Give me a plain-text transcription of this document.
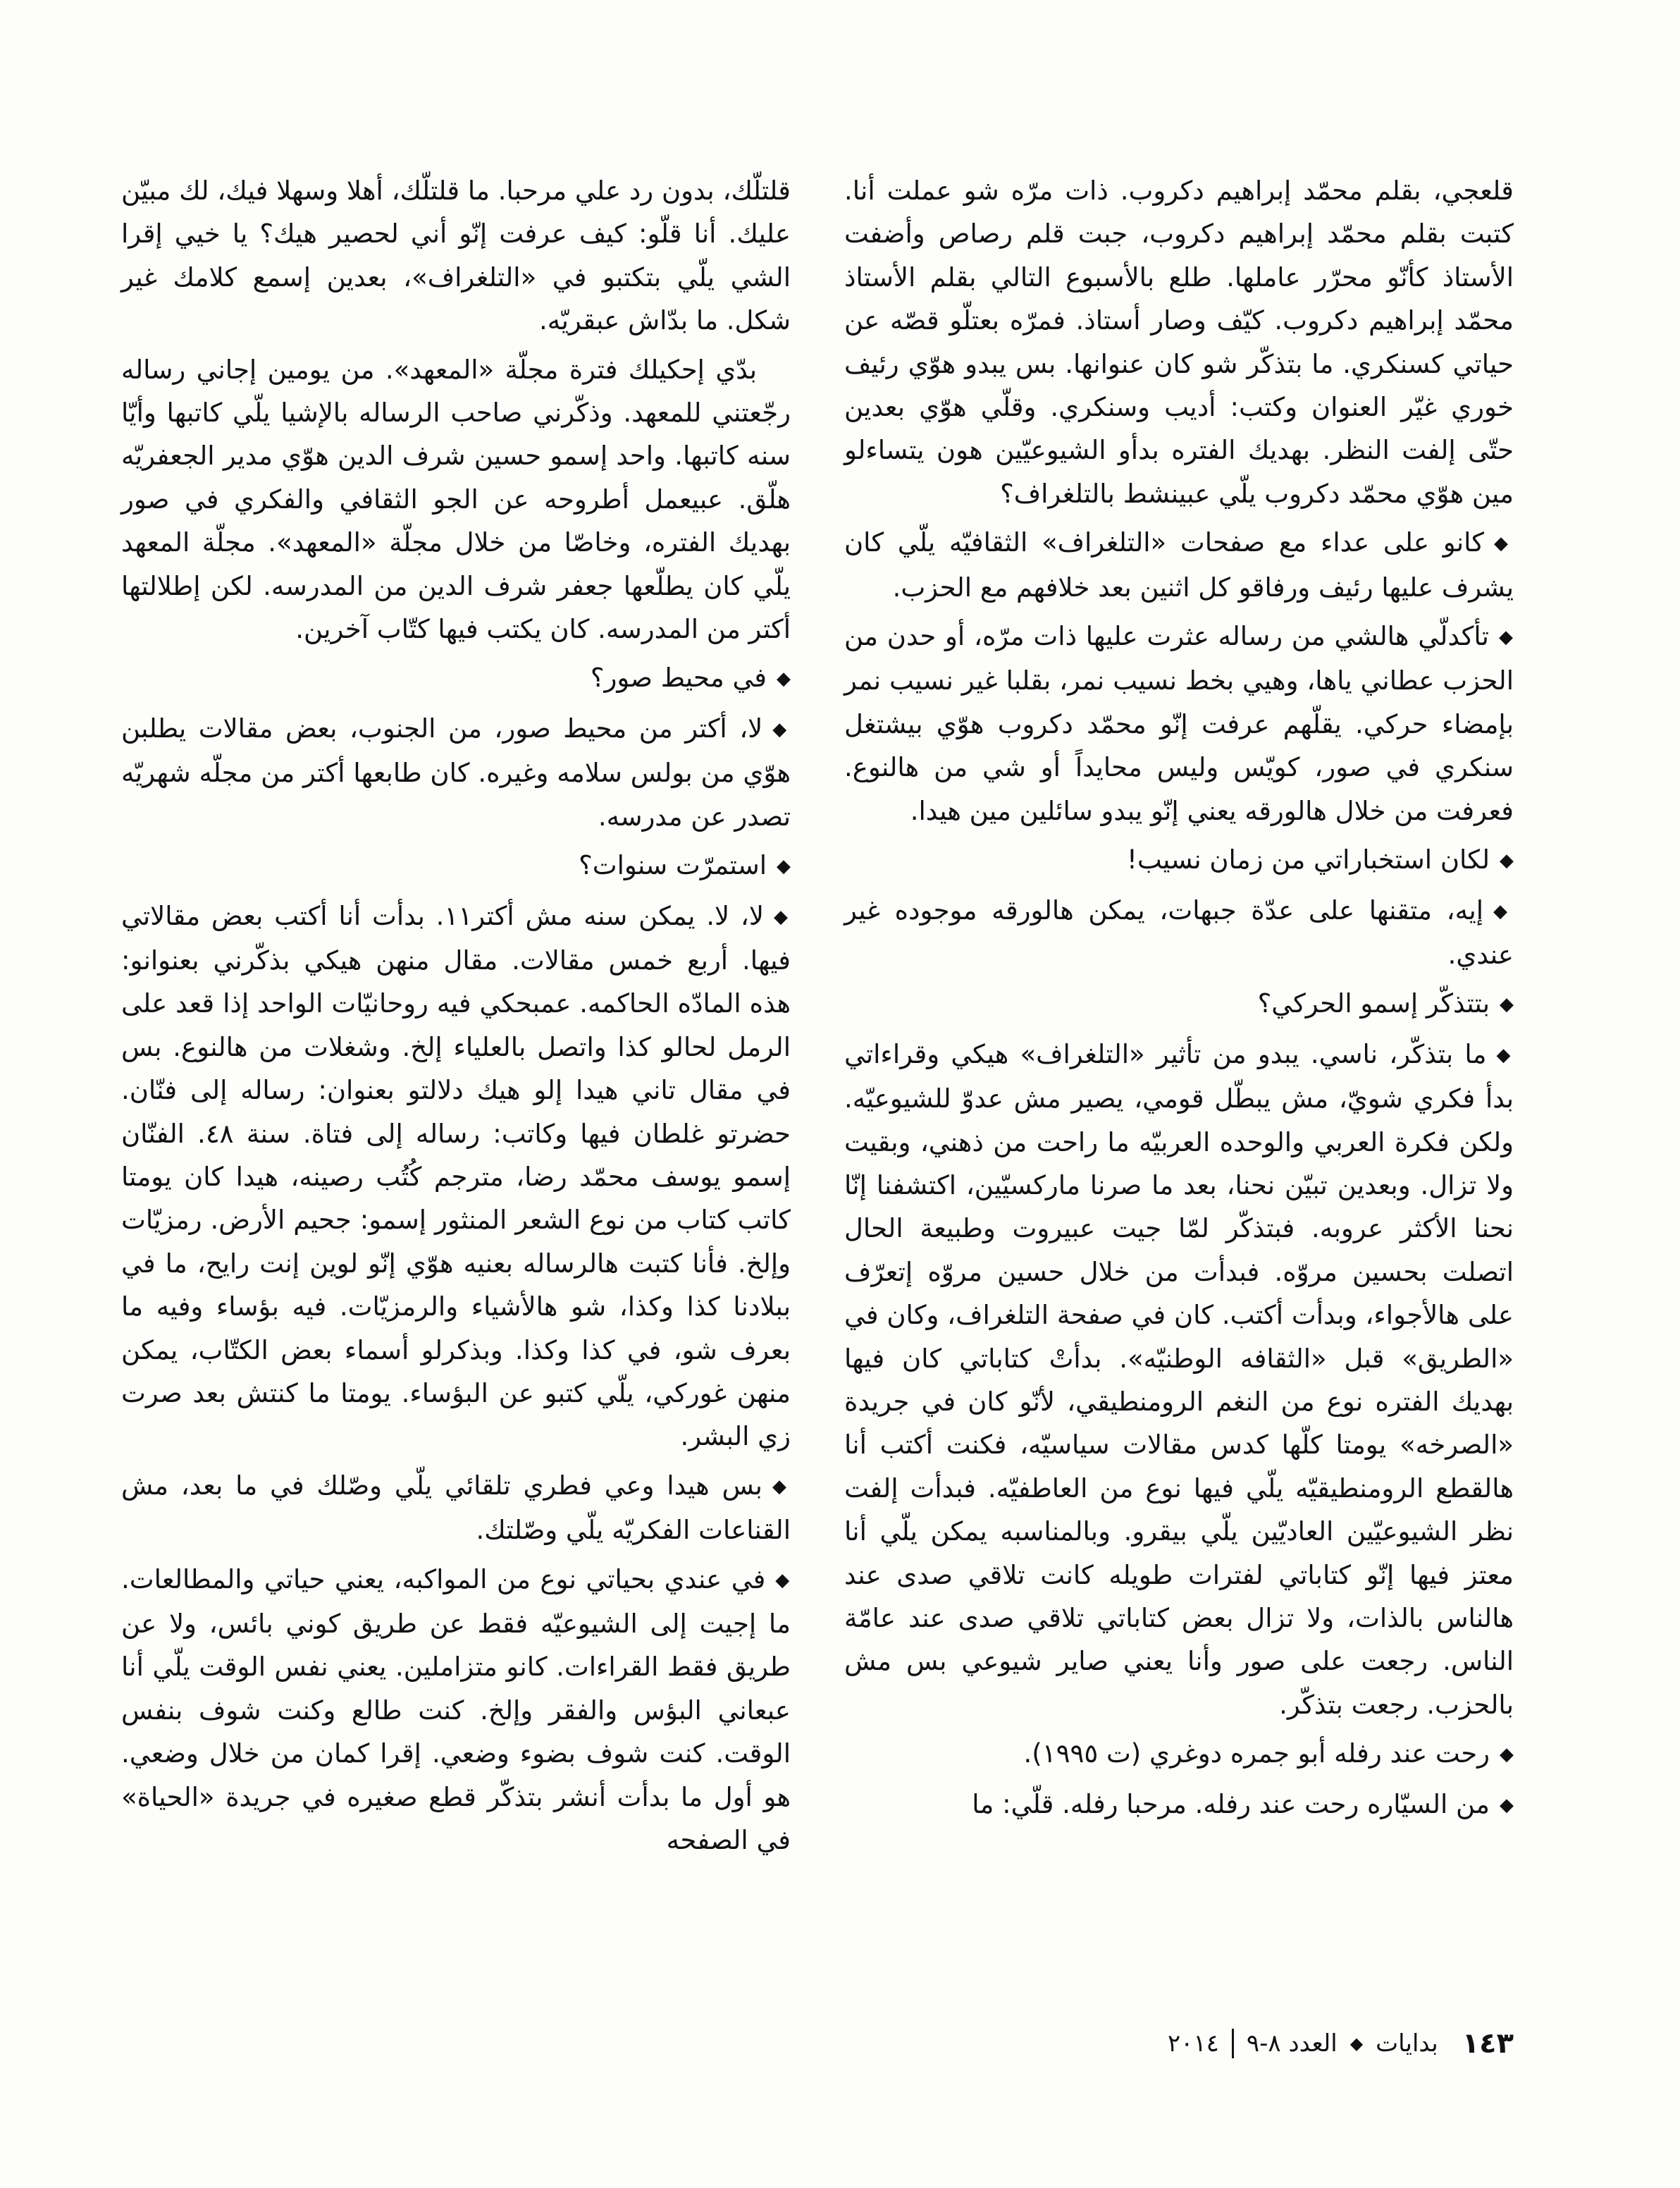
قلعجي، بقلم محمّد إبراهيم دكروب. ذات مرّه شو عملت أنا. كتبت بقلم محمّد إبراهيم دكروب، جبت قلم رصاص وأضفت الأستاذ كأنّو محرّر عاملها. طلع بالأسبوع التالي بقلم الأستاذ محمّد إبراهيم دكروب. كيّف وصار أستاذ. فمرّه بعتلّو قصّه عن حياتي كسنكري. ما بتذكّر شو كان عنوانها. بس يبدو هوّي رئيف خوري غيّر العنوان وكتب: أديب وسنكري. وقلّي هوّي بعدين حتّى إلفت النظر. بهديك الفتره بدأو الشيوعيّين هون يتساءلو مين هوّي محمّد دكروب يلّي عبينشط بالتلغراف؟

◆كانو على عداء مع صفحات «التلغراف» الثقافيّه يلّي كان يشرف عليها رئيف ورفاقو كل اثنين بعد خلافهم مع الحزب.

◆تأكدلّي هالشي من رساله عثرت عليها ذات مرّه، أو حدن من الحزب عطاني ياها، وهيي بخط نسيب نمر، بقلبا غير نسيب نمر بإمضاء حركي. يقلّهم عرفت إنّو محمّد دكروب هوّي بيشتغل سنكري في صور، كويّس وليس محايداً أو شي من هالنوع. فعرفت من خلال هالورقه يعني إنّو يبدو سائلين مين هيدا.

◆لكان استخباراتي من زمان نسيب!

◆إيه، متقنها على عدّة جبهات، يمكن هالورقه موجوده غير عندي.

◆بتتذكّر إسمو الحركي؟

◆ما بتذكّر، ناسي. يبدو من تأثير «التلغراف» هيكي وقراءاتي بدأ فكري شويّ، مش يبطّل قومي، يصير مش عدوّ للشيوعيّه. ولكن فكرة العربي والوحده العربيّه ما راحت من ذهني، وبقيت ولا تزال. وبعدين تبيّن نحنا، بعد ما صرنا ماركسيّين، اكتشفنا إنّا نحنا الأكثر عروبه. فبتذكّر لمّا جيت عبيروت وطبيعة الحال اتصلت بحسين مروّه. فبدأت من خلال حسين مروّه إتعرّف على هالأجواء، وبدأت أكتب. كان في صفحة التلغراف، وكان في «الطريق» قبل «الثقافه الوطنيّه». بدأتْ كتاباتي كان فيها بهديك الفتره نوع من النغم الرومنطيقي، لأنّو كان في جريدة «الصرخه» يومتا كلّها كدس مقالات سياسيّه، فكنت أكتب أنا هالقطع الرومنطيقيّه يلّي فيها نوع من العاطفيّه. فبدأت إلفت نظر الشيوعيّين العاديّين يلّي بيقرو. وبالمناسبه يمكن يلّي أنا معتز فيها إنّو كتاباتي لفترات طويله كانت تلاقي صدى عند هالناس بالذات، ولا تزال بعض كتاباتي تلاقي صدى عند عامّة الناس. رجعت على صور وأنا يعني صاير شيوعي بس مش بالحزب. رجعت بتذكّر.

◆رحت عند رفله أبو جمره دوغري (ت ١٩٩٥).

◆من السيّاره رحت عند رفله. مرحبا رفله. قلّي: ما

قلتلّك، بدون رد علي مرحبا. ما قلتلّك، أهلا وسهلا فيك، لك مبيّن عليك. أنا قلّو: كيف عرفت إنّو أني لحصير هيك؟ يا خيي إقرا الشي يلّي بتكتبو في «التلغراف»، بعدين إسمع كلامك غير شكل. ما بدّاش عبقريّه.

بدّي إحكيلك فترة مجلّة «المعهد». من يومين إجاني رساله رجّعتني للمعهد. وذكّرني صاحب الرساله بالإشيا يلّي كاتبها وأيّا سنه كاتبها. واحد إسمو حسين شرف الدين هوّي مدير الجعفريّه هلّق. عبيعمل أطروحه عن الجو الثقافي والفكري في صور بهديك الفتره، وخاصّا من خلال مجلّة «المعهد». مجلّة المعهد يلّي كان يطلّعها جعفر شرف الدين من المدرسه. لكن إطلالتها أكتر من المدرسه. كان يكتب فيها كتّاب آخرين.

◆في محيط صور؟

◆لا، أكتر من محيط صور، من الجنوب، بعض مقالات يطلبن هوّي من بولس سلامه وغيره. كان طابعها أكتر من مجلّه شهريّه تصدر عن مدرسه.

◆استمرّت سنوات؟

◆لا، لا. يمكن سنه مش أكتر١١. بدأت أنا أكتب بعض مقالاتي فيها. أربع خمس مقالات. مقال منهن هيكي بذكّرني بعنوانو: هذه المادّه الحاكمه. عمبحكي فيه روحانيّات الواحد إذا قعد على الرمل لحالو كذا واتصل بالعلياء إلخ. وشغلات من هالنوع. بس في مقال تاني هيدا إلو هيك دلالتو بعنوان: رساله إلى فنّان. حضرتو غلطان فيها وكاتب: رساله إلى فتاة. سنة ٤٨. الفنّان إسمو يوسف محمّد رضا، مترجم كُتُب رصينه، هيدا كان يومتا كاتب كتاب من نوع الشعر المنثور إسمو: جحيم الأرض. رمزيّات وإلخ. فأنا كتبت هالرساله بعنيه هوّي إنّو لوين إنت رايح، ما في ببلادنا كذا وكذا، شو هالأشياء والرمزيّات. فيه بؤساء وفيه ما بعرف شو، في كذا وكذا. وبذكرلو أسماء بعض الكتّاب، يمكن منهن غوركي، يلّي كتبو عن البؤساء. يومتا ما كنتش بعد صرت زي البشر.

◆بس هيدا وعي فطري تلقائي يلّي وصّلك في ما بعد، مش القناعات الفكريّه يلّي وصّلتك.

◆في عندي بحياتي نوع من المواكبه، يعني حياتي والمطالعات. ما إجيت إلى الشيوعيّه فقط عن طريق كوني بائس، ولا عن طريق فقط القراءات. كانو متزاملين. يعني نفس الوقت يلّي أنا عبعاني البؤس والفقر وإلخ. كنت طالع وكنت شوف بنفس الوقت. كنت شوف بضوء وضعي. إقرا كمان من خلال وضعي. هو أول ما بدأت أنشر بتذكّر قطع صغيره في جريدة «الحياة» في الصفحه

١٤٣
بدايات
◆
العدد ٨-٩
٢٠١٤
